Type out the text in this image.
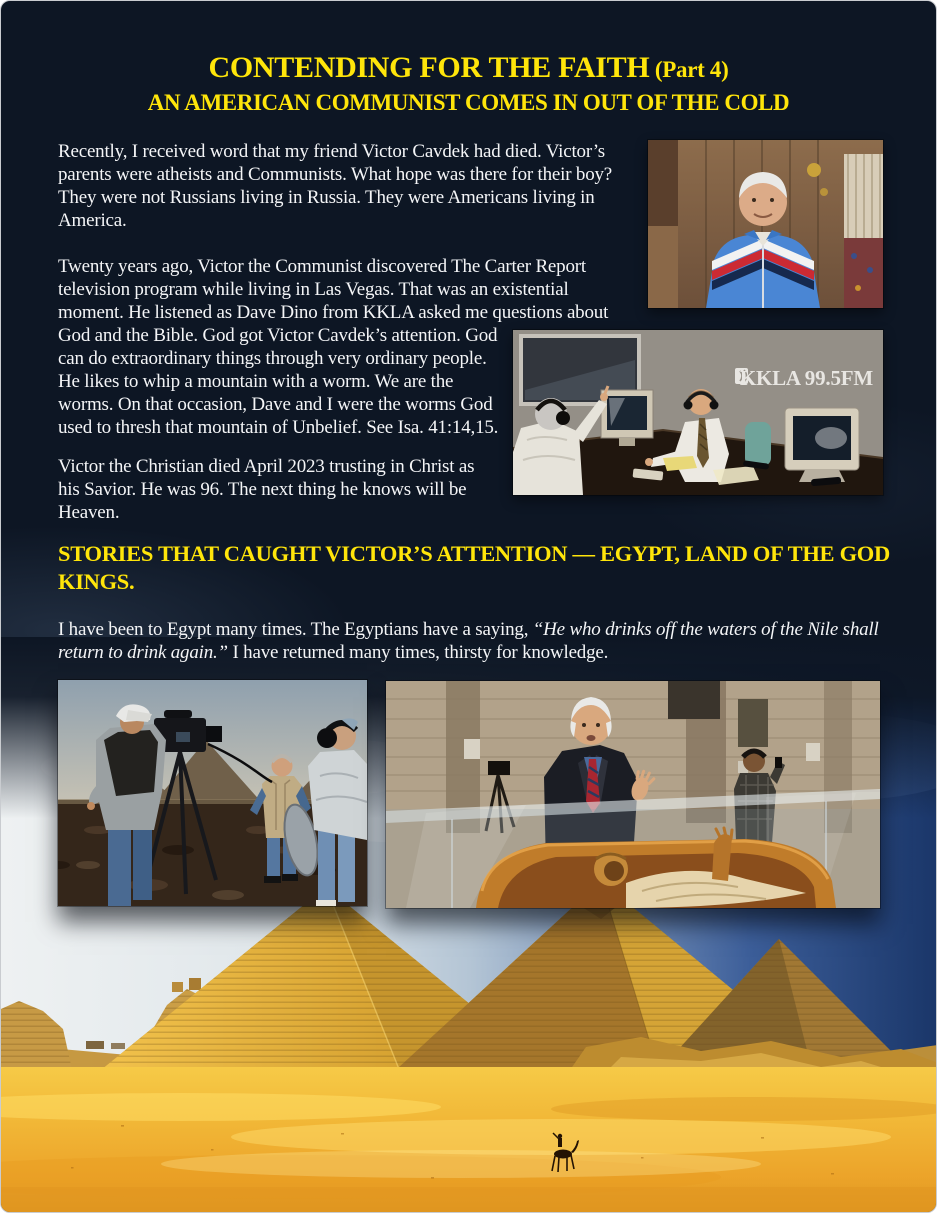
CONTENDING FOR THE FAITH (Part 4)
AN AMERICAN COMMUNIST COMES IN OUT OF THE COLD
KKLA 99.5FM

Recently, I received word that my friend Victor Cavdek had died. Victor’s parents were atheists and Communists. What hope was there for their boy? They were not Russians living in Russia. They were Americans living in America.

Twenty years ago, Victor the Communist discovered The Carter Report television program while living in Las Vegas. That was an existential moment. He listened as Dave Dino from KKLA asked me questions about God and the Bible. God got Victor Cavdek’s attention. God can do extraordinary things through very ordinary people. He likes to whip a mountain with a worm. We are the worms. On that occasion, Dave and I were the worms God used to thresh that mountain of Unbelief. See Isa. 41:14,15.

Victor the Christian died April 2023 trusting in Christ as his Savior. He was 96. The next thing he knows will be Heaven.

STORIES THAT CAUGHT VICTOR’S ATTENTION — EGYPT, LAND OF THE GOD
KINGS.

I have been to Egypt many times. The Egyptians have a saying, “He who drinks off the waters of the Nile shall return to drink again.” I have returned many times, thirsty for knowledge.
